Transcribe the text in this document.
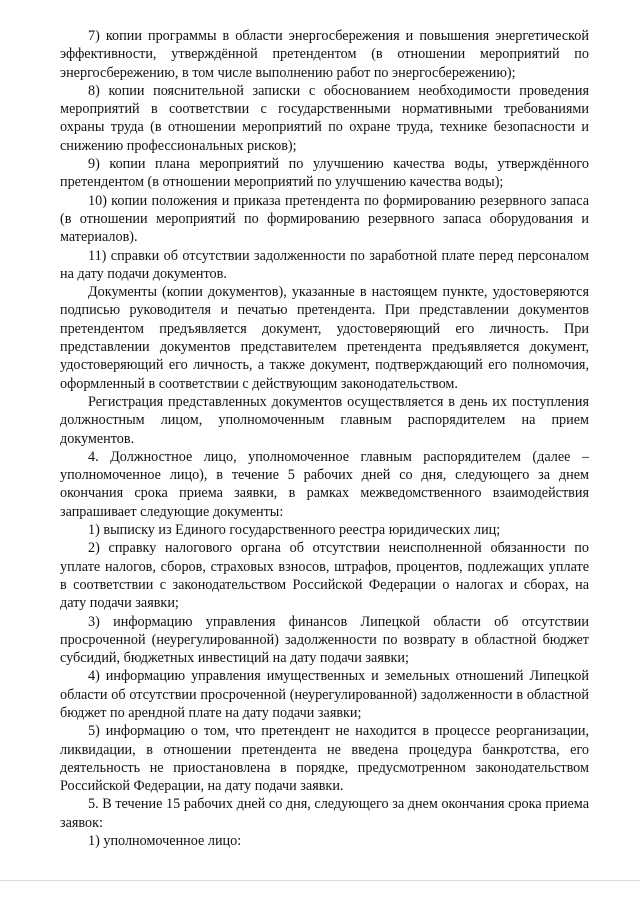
7) копии программы в области энергосбережения и повышения энергетической эффективности, утверждённой претендентом (в отношении мероприятий по энергосбережению, в том числе выполнению работ по энергосбережению);

8) копии пояснительной записки с обоснованием необходимости проведения мероприятий в соответствии с государственными нормативными требованиями охраны труда (в отношении мероприятий по охране труда, технике безопасности и снижению профессиональных рисков);

9) копии плана мероприятий по улучшению качества воды, утверждённого претендентом (в отношении мероприятий по улучшению качества воды);

10) копии положения и приказа претендента по формированию резервного запаса (в отношении мероприятий по формированию резервного запаса оборудования и материалов).

11) справки об отсутствии задолженности по заработной плате перед персоналом на дату подачи документов.

Документы (копии документов), указанные в настоящем пункте, удостоверяются подписью руководителя и печатью претендента. При представлении документов претендентом предъявляется документ, удостоверяющий его личность. При представлении документов представителем претендента предъявляется документ, удостоверяющий его личность, а также документ, подтверждающий его полномочия, оформленный в соответствии с действующим законодательством.

Регистрация представленных документов осуществляется в день их поступления должностным лицом, уполномоченным главным распорядителем на прием документов.

4. Должностное лицо, уполномоченное главным распорядителем (далее – уполномоченное лицо), в течение 5 рабочих дней со дня, следующего за днем окончания срока приема заявки, в рамках межведомственного взаимодействия запрашивает следующие документы:

1) выписку из Единого государственного реестра юридических лиц;

2) справку налогового органа об отсутствии неисполненной обязанности по уплате налогов, сборов, страховых взносов, штрафов, процентов, подлежащих уплате в соответствии с законодательством Российской Федерации о налогах и сборах, на дату подачи заявки;

3) информацию управления финансов Липецкой области об отсутствии просроченной (неурегулированной) задолженности по возврату в областной бюджет субсидий, бюджетных инвестиций на дату подачи заявки;

4) информацию управления имущественных и земельных отношений Липецкой области об отсутствии просроченной (неурегулированной) задолженности в областной бюджет по арендной плате на дату подачи заявки;

5) информацию о том, что претендент не находится в процессе реорганизации, ликвидации, в отношении претендента не введена процедура банкротства, его деятельность не приостановлена в порядке, предусмотренном законодательством Российской Федерации, на дату подачи заявки.

5. В течение 15 рабочих дней со дня, следующего за днем окончания срока приема заявок:

1) уполномоченное лицо:
